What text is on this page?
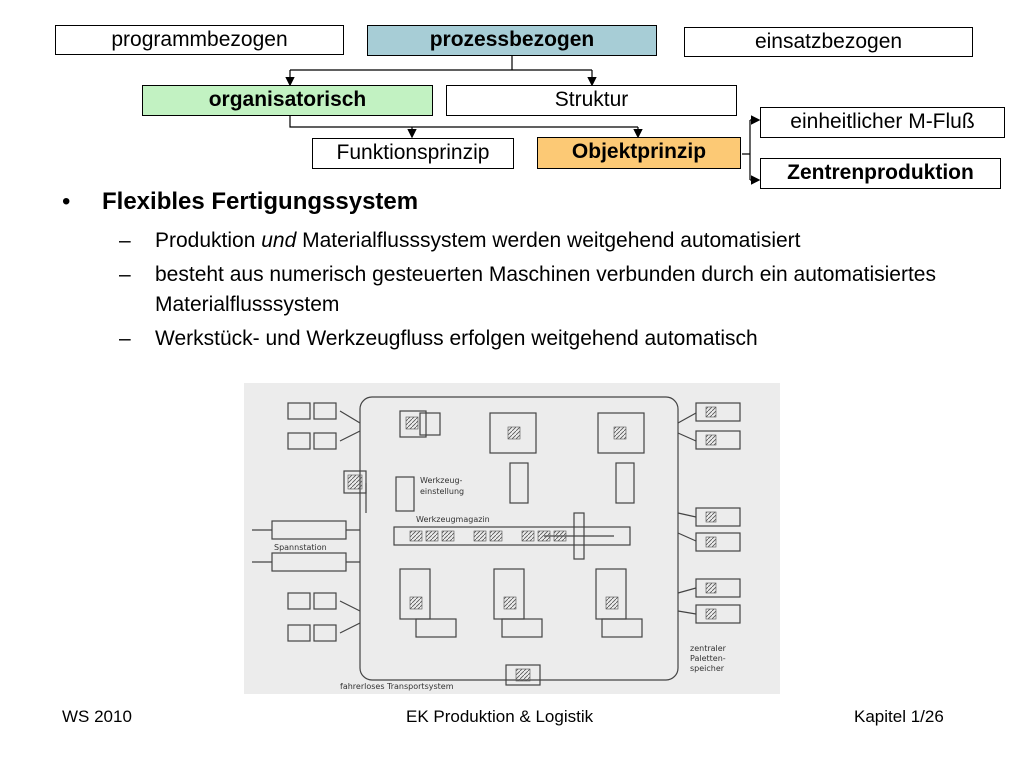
programmbezogen	prozessbezogen	einsatzbezogen
organisatorisch	Struktur
Funktionsprinzip	Objektprinzip
einheitlicher M-Fluß
Zentrenproduktion
• Flexibles Fertigungssystem
– Produktion und Materialflusssystem werden weitgehend automatisiert
– besteht aus numerisch gesteuerten Maschinen verbunden durch ein automatisiertes Materialflusssystem
– Werkstück- und Werkzeugfluss erfolgen weitgehend automatisch
Werkzeug-
einstellung
Werkzeugmagazin
Spannstation
zentraler
Paletten-
speicher
fahrerloses Transportsystem
WS 2010	EK Produktion & Logistik	Kapitel 1/26
